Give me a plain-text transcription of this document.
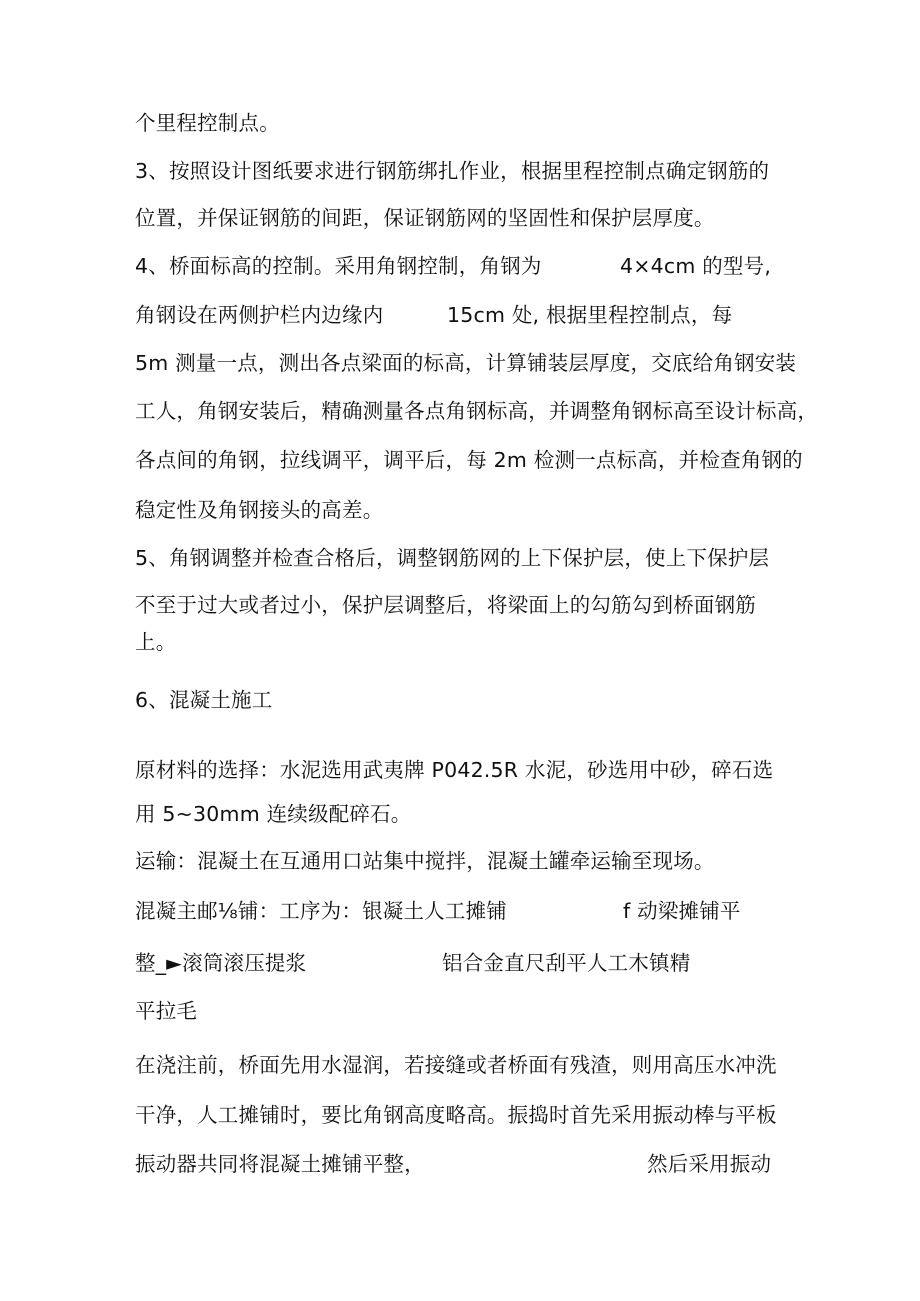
个里程控制点。
3、按照设计图纸要求进行钢筋绑扎作业，根据里程控制点确定钢筋的
位置，并保证钢筋的间距，保证钢筋网的坚固性和保护层厚度。
4、桥面标高的控制。采用角钢控制，角钢为	4×4cm 的型号,
角钢设在两侧护栏内边缘内	15cm 处, 根据里程控制点，每
5m 测量一点，测出各点梁面的标高，计算铺装层厚度，交底给角钢安装
工人，角钢安装后，精确测量各点角钢标高，并调整角钢标高至设计标高，
各点间的角钢，拉线调平，调平后，每 2m 检测一点标高，并检查角钢的
稳定性及角钢接头的高差。
5、角钢调整并检查合格后，调整钢筋网的上下保护层，使上下保护层
不至于过大或者过小，保护层调整后，将梁面上的勾筋勾到桥面钢筋
上。
6、混凝土施工
原材料的选择：水泥选用武夷牌 P042.5R 水泥，砂选用中砂，碎石选
用 5~30mm 连续级配碎石。
运输：混凝土在互通用口站集中搅拌，混凝土罐牵运输至现场。
混凝主邮⅛铺：工序为：银凝土人工摊铺	f 动梁摊铺平
整_►滚筒滚压提浆	铝合金直尺刮平人工木镇精
平拉毛
在浇注前，桥面先用水湿润，若接缝或者桥面有残渣，则用高压水冲洗
干净，人工摊铺时，要比角钢高度略高。振捣时首先采用振动棒与平板
振动器共同将混凝土摊铺平整，	然后采用振动
